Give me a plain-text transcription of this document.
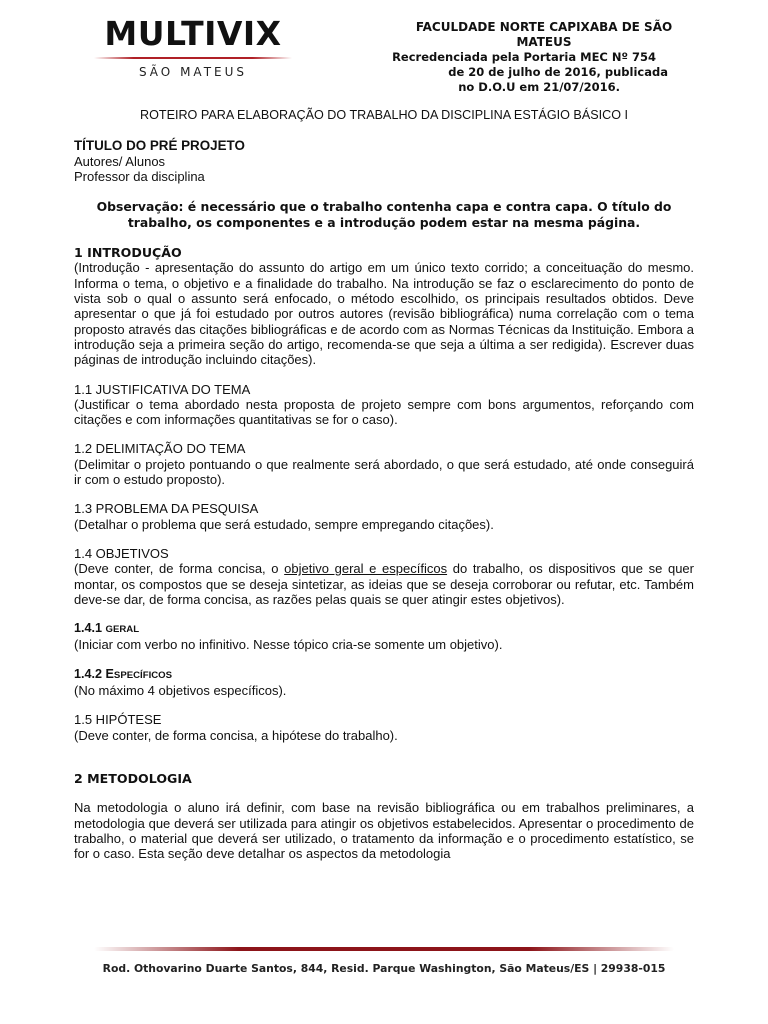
MULTIVIX
SÃO MATEUS
FACULDADE NORTE CAPIXABA DE SÃO MATEUS
Recredenciada pela Portaria MEC Nº 754
de 20 de julho de 2016, publicada
no D.O.U em 21/07/2016.

ROTEIRO PARA ELABORAÇÃO DO TRABALHO DA DISCIPLINA ESTÁGIO BÁSICO I

TÍTULO DO PRÉ PROJETO

Autores/ Alunos

Professor da disciplina

Observação: é necessário que o trabalho contenha capa e contra capa. O título do trabalho, os componentes e a introdução podem estar na mesma página.

1 INTRODUÇÃO

(Introdução - apresentação do assunto do artigo em um único texto corrido; a conceituação do mesmo. Informa o tema, o objetivo e a finalidade do trabalho. Na introdução se faz o esclarecimento do ponto de vista sob o qual o assunto será enfocado, o método escolhido, os principais resultados obtidos. Deve apresentar o que já foi estudado por outros autores (revisão bibliográfica) numa correlação com o tema proposto através das citações bibliográficas e de acordo com as Normas Técnicas da Instituição. Embora a introdução seja a primeira seção do artigo, recomenda-se que seja a última a ser redigida). Escrever duas páginas de introdução incluindo citações).

1.1 JUSTIFICATIVA DO TEMA

(Justificar o tema abordado nesta proposta de projeto sempre com bons argumentos, reforçando com citações e com informações quantitativas se for o caso).

1.2 DELIMITAÇÃO DO TEMA

(Delimitar o projeto pontuando o que realmente será abordado, o que será estudado, até onde conseguirá ir com o estudo proposto).

1.3 PROBLEMA DA PESQUISA

(Detalhar o problema que será estudado, sempre empregando citações).

1.4 OBJETIVOS

(Deve conter, de forma concisa, o objetivo geral e específicos do trabalho, os dispositivos que se quer montar, os compostos que se deseja sintetizar, as ideias que se deseja corroborar ou refutar, etc. Também deve-se dar, de forma concisa, as razões pelas quais se quer atingir estes objetivos).

1.4.1 GERAL

(Iniciar com verbo no infinitivo. Nesse tópico cria-se somente um objetivo).

1.4.2 ESPECÍFICOS

(No máximo 4 objetivos específicos).

1.5 HIPÓTESE

(Deve conter, de forma concisa, a hipótese do trabalho).

2 METODOLOGIA

Na metodologia o aluno irá definir, com base na revisão bibliográfica ou em trabalhos preliminares, a metodologia que deverá ser utilizada para atingir os objetivos estabelecidos. Apresentar o procedimento de trabalho, o material que deverá ser utilizado, o tratamento da informação e o procedimento estatístico, se for o caso. Esta seção deve detalhar os aspectos da metodologia

Rod. Othovarino Duarte Santos, 844, Resid. Parque Washington, São Mateus/ES | 29938-015
